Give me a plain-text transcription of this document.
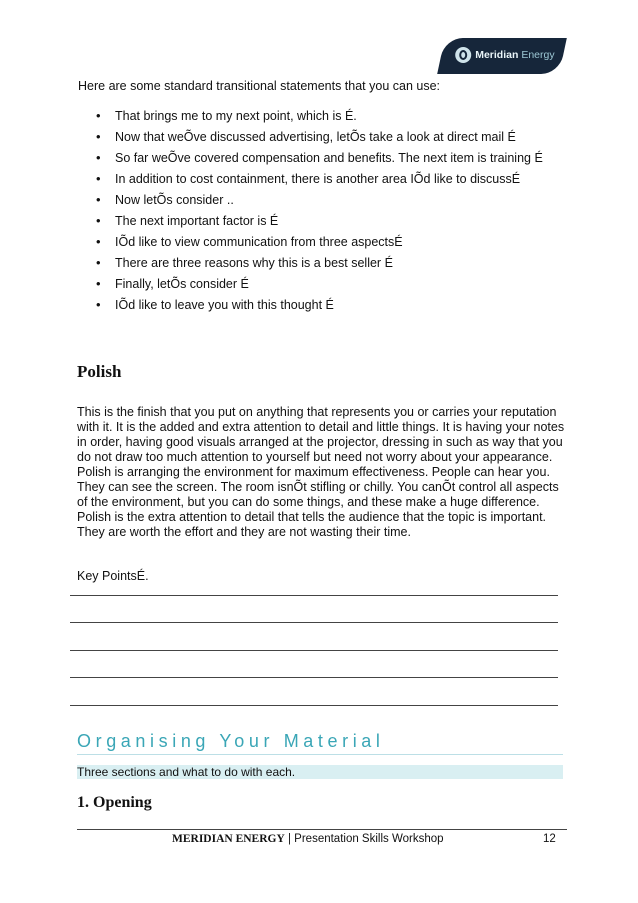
Meridian Energy
Here are some standard transitional statements that you can use:
• That brings me to my next point, which is É.
• Now that weÕve discussed advertising, letÕs take a look at direct mail É
• So far weÕve covered compensation and benefits. The next item is training É
• In addition to cost containment, there is another area IÕd like to discussÉ
• Now letÕs consider ..
• The next important factor is É
• IÕd like to view communication from three aspectsÉ
• There are three reasons why this is a best seller É
• Finally, letÕs consider É
• IÕd like to leave you with this thought É
Polish
This is the finish that you put on anything that represents you or carries your reputation with it. It is the added and extra attention to detail and little things. It is having your notes in order, having good visuals arranged at the projector, dressing in such as way that you do not draw too much attention to yourself but need not worry about your appearance. Polish is arranging the environment for maximum effectiveness. People can hear you. They can see the screen. The room isnÕt stifling or chilly. You canÕt control all aspects of the environment, but you can do some things, and these make a huge difference. Polish is the extra attention to detail that tells the audience that the topic is important. They are worth the effort and they are not wasting their time.
Key PointsÉ.
Organising Your Material
Three sections and what to do with each.
1. Opening
MERIDIAN ENERGY | Presentation Skills Workshop	12
